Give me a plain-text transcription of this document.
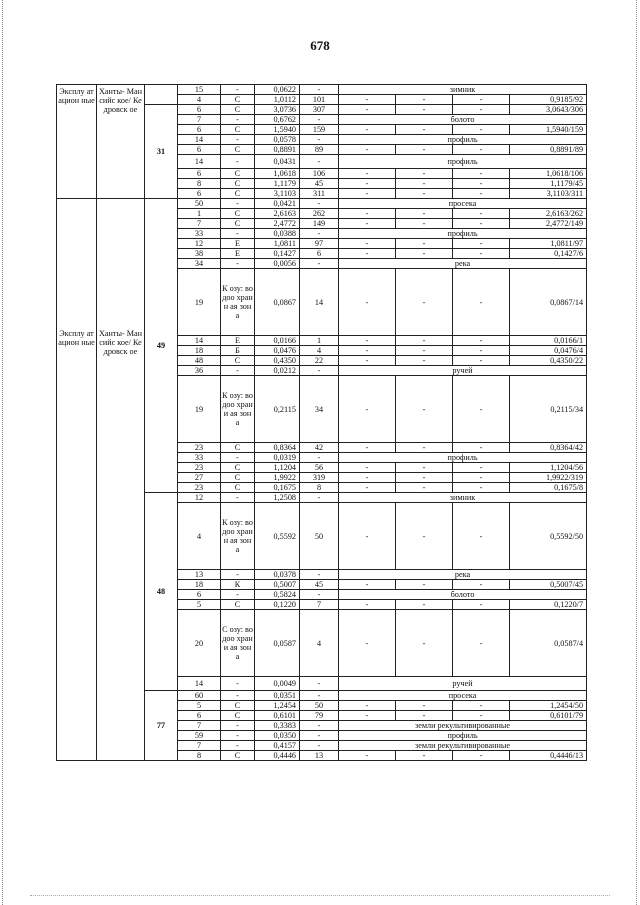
678
Эксплу атацион ные	Ханты- Мансийс кое/ Кедровск ое		15	-	0,0622	-	зимник			
			4	С	1,0112	101	-	-	-	0,9185/92
		31	6	С	3,0736	307	-	-	-	3,0643/306
			7	-	0,6762	-	болото			
			6	С	1,5940	159	-	-	-	1,5940/159
			14	-	0,0578	-	профиль			
			6	С	0,8891	89	-	-	-	0,8891/89
			14	-	0,0431	-	профиль			
			6	С	1,0618	106	-	-	-	1,0618/106
			8	С	1,1179	45	-	-	-	1,1179/45
			6	С	3,1103	311	-	-	-	3,1103/311
Эксплу атацион ные	Ханты- Мансийс кое/ Кедровск ое	49	50	-	0,0421	-	просека			
			1	С	2,6163	262	-	-	-	2,6163/262
			7	С	2,4772	149	-	-	-	2,4772/149
			33	-	0,0388	-	профиль			
			12	Е	1,0811	97	-	-	-	1,0811/97
			38	Е	0,1427	6	-	-	-	0,1427/6
			34	-	0,0056	-	река			
			19	К озу: водоо хранн ая зона	0,0867	14	-	-	-	0,0867/14
			14	Е	0,0166	1	-	-	-	0,0166/1
			18	Б	0,0476	4	-	-	-	0,0476/4
			48	С	0,4350	22	-	-	-	0,4350/22
			36	-	0,0212	-	ручей			
			19	К озу: водоо храни ая зона	0,2115	34	-	-	-	0,2115/34
			23	С	0,8364	42	-	-	-	0,8364/42
			33	-	0,0319	-	профиль			
			23	С	1,1204	56	-	-	-	1,1204/56
			27	С	1,9922	319	-	-	-	1,9922/319
			23	С	0,1675	8	-	-	-	0,1675/8
		48	12	-	1,2508	-	зимник			
			4	К озу: водоо хранн ая зона	0,5592	50	-	-	-	0,5592/50
			13	-	0,0378	-	река			
			18	К	0,5007	45	-	-	-	0,5007/45
			6	-	0,5824	-	болото			
			5	С	0,1220	7	-	-	-	0,1220/7
			20	С озу: водоо храни ая зона	0,0587	4	-	-	-	0,0587/4
			14	-	0,0049	-	ручей			
		77	60	-	0,0351	-	просека			
			5	С	1,2454	50	-	-	-	1,2454/50
			6	С	0,6101	79	-	-	-	0,6101/79
			7	-	0,3383	-	земли рекультивированные			
			59	-	0,0350	-	профиль			
			7	-	0,4157	-	земли рекультивированные			
			8	С	0,4446	13	-	-	-	0,4446/13
